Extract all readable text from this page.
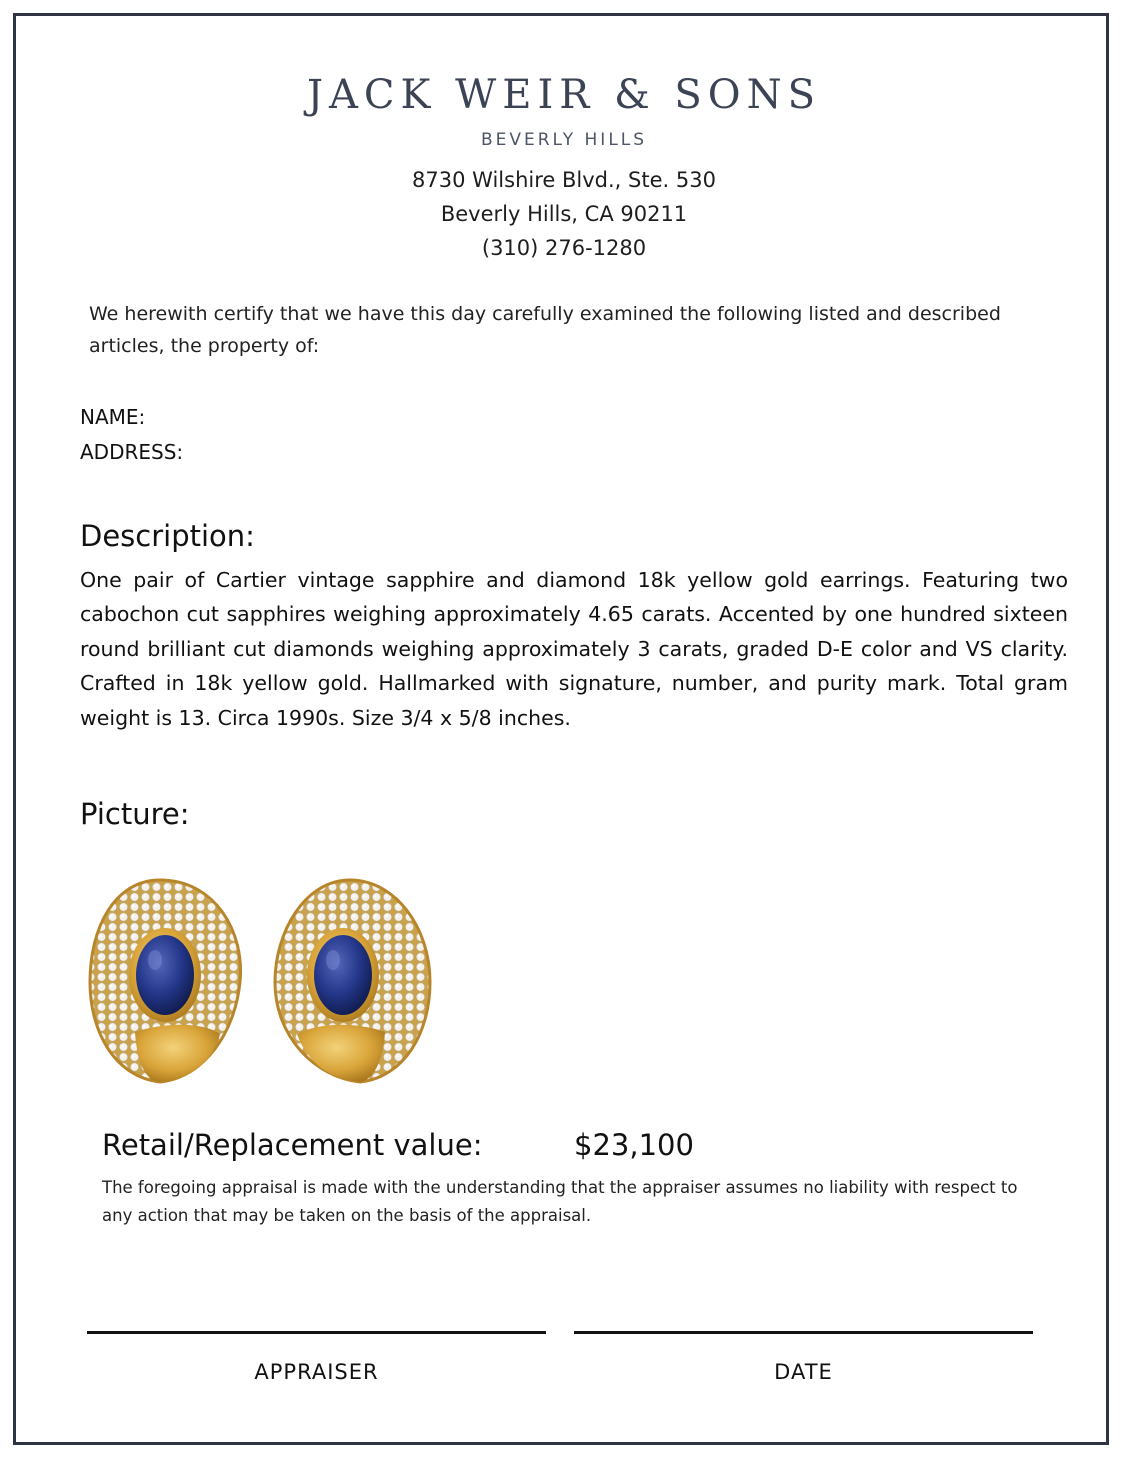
JACK WEIR & SONS
BEVERLY HILLS
8730 Wilshire Blvd., Ste. 530
Beverly Hills, CA 90211
(310) 276-1280
We herewith certify that we have this day carefully examined the following listed and described articles, the property of:
NAME:
ADDRESS:
Description:
One pair of Cartier vintage sapphire and diamond 18k yellow gold earrings. Featuring two cabochon cut sapphires weighing approximately 4.65 carats. Accented by one hundred sixteen round brilliant cut diamonds weighing approximately 3 carats, graded D-E color and VS clarity. Crafted in 18k yellow gold. Hallmarked with signature, number, and purity mark. Total gram weight is 13. Circa 1990s. Size 3/4 x 5/8 inches.
Picture:
Retail/Replacement value:	$23,100
The foregoing appraisal is made with the understanding that the appraiser assumes no liability with respect to any action that may be taken on the basis of the appraisal.
APPRAISER	DATE
